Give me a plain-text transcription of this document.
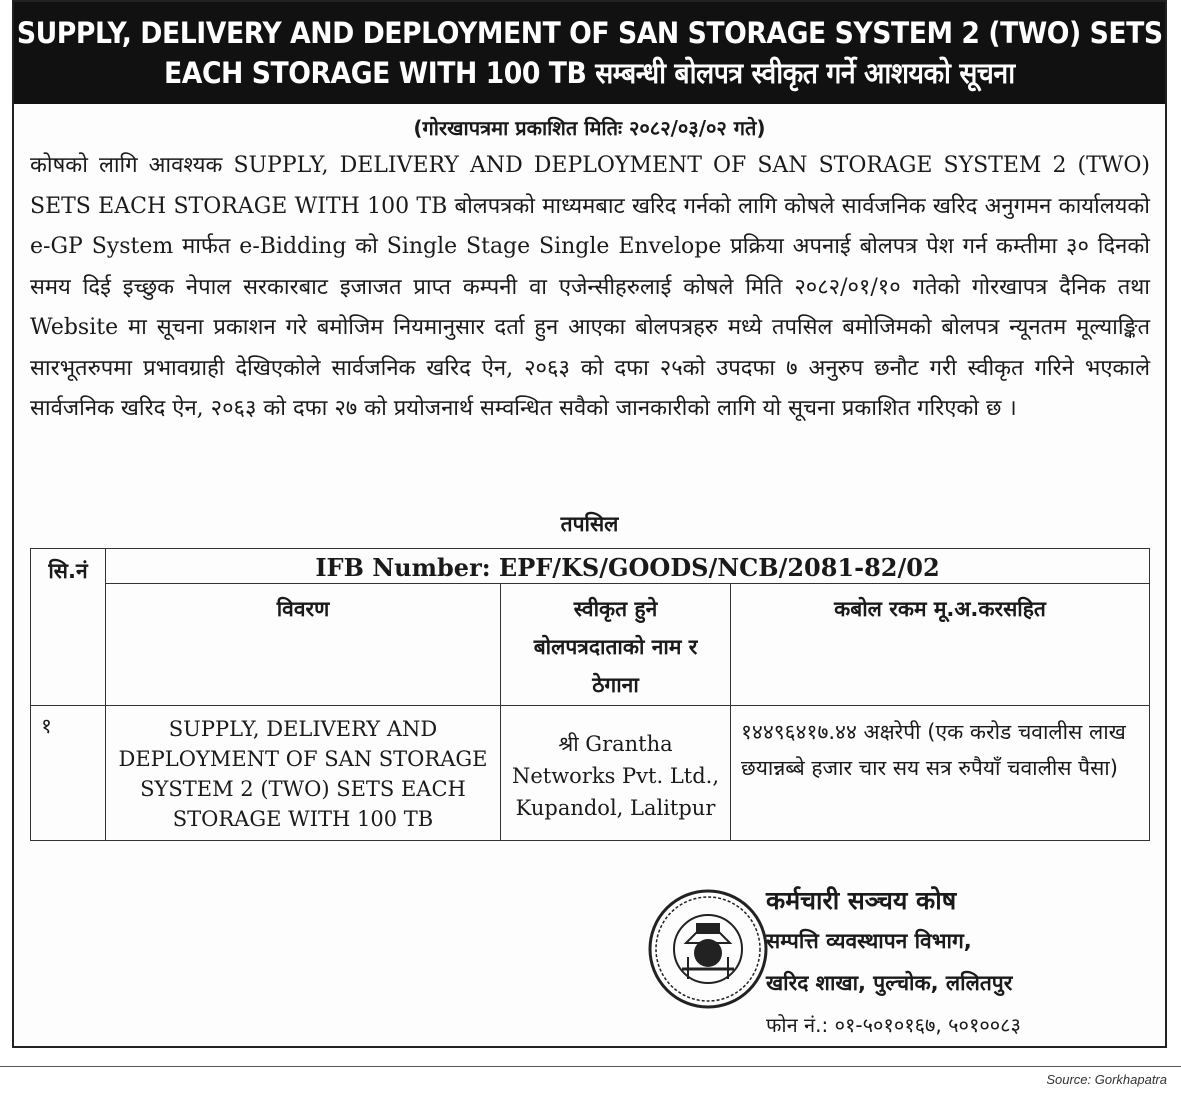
SUPPLY, DELIVERY AND DEPLOYMENT OF SAN STORAGE SYSTEM 2 (TWO) SETS
EACH STORAGE WITH 100 TB सम्बन्धी बोलपत्र स्वीकृत गर्ने आशयको सूचना
(गोरखापत्रमा प्रकाशित मितिः २०८२/०३/०२ गते)
कोषको लागि आवश्यक SUPPLY, DELIVERY AND DEPLOYMENT OF SAN STORAGE SYSTEM 2 (TWO) SETS EACH STORAGE WITH 100 TB बोलपत्रको माध्यमबाट खरिद गर्नको लागि कोषले सार्वजनिक खरिद अनुगमन कार्यालयको e-GP System मार्फत e-Bidding को Single Stage Single Envelope प्रक्रिया अपनाई बोलपत्र पेश गर्न कम्तीमा ३० दिनको समय दिई इच्छुक नेपाल सरकारबाट इजाजत प्राप्त कम्पनी वा एजेन्सीहरुलाई कोषले मिति २०८२/०१/१० गतेको गोरखापत्र दैनिक तथा Website मा सूचना प्रकाशन गरे बमोजिम नियमानुसार दर्ता हुन आएका बोलपत्रहरु मध्ये तपसिल बमोजिमको बोलपत्र न्यूनतम मूल्याङ्कित सारभूतरुपमा प्रभावग्राही देखिएकोले सार्वजनिक खरिद ऐन, २०६३ को दफा २५को उपदफा ७ अनुरुप छनौट गरी स्वीकृत गरिने भएकाले सार्वजनिक खरिद ऐन, २०६३ को दफा २७ को प्रयोजनार्थ सम्वन्धित सवैको जानकारीको लागि यो सूचना प्रकाशित गरिएको छ ।
तपसिल
सि.नं	IFB Number: EPF/KS/GOODS/NCB/2081-82/02		
	विवरण	स्वीकृत हुने बोलपत्रदाताको नाम र ठेगाना	कबोल रकम मू.अ.करसहित
१	SUPPLY, DELIVERY AND DEPLOYMENT OF SAN STORAGE SYSTEM 2 (TWO) SETS EACH STORAGE WITH 100 TB	श्री Grantha Networks Pvt. Ltd., Kupandol, Lalitpur	१४४९६४१७.४४ अक्षरेपी (एक करोड चवालीस लाख छयान्नब्बे हजार चार सय सत्र रुपैयाँ चवालीस पैसा)
कर्मचारी सञ्चय कोष
सम्पत्ति व्यवस्थापन विभाग,
खरिद शाखा, पुल्चोक, ललितपुर
फोन नं.: ०१-५०१०१६७, ५०१००८३
Source: Gorkhapatra
